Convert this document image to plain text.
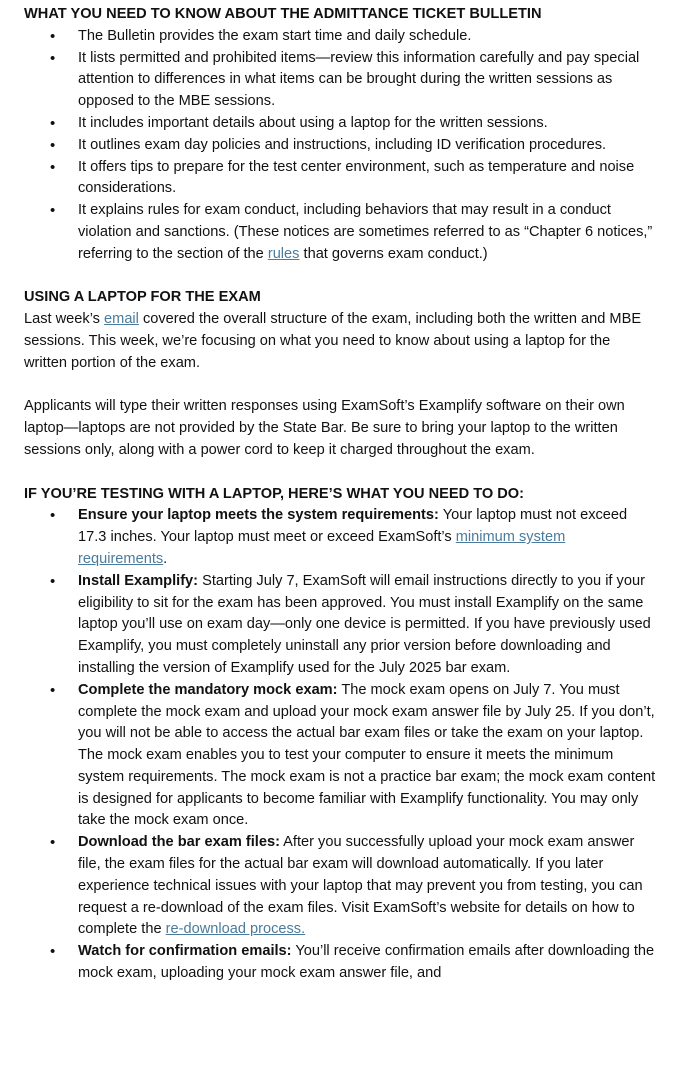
WHAT YOU NEED TO KNOW ABOUT THE ADMITTANCE TICKET BULLETIN
• The Bulletin provides the exam start time and daily schedule.
• It lists permitted and prohibited items—review this information carefully and pay special attention to differences in what items can be brought during the written sessions as opposed to the MBE sessions.
• It includes important details about using a laptop for the written sessions.
• It outlines exam day policies and instructions, including ID verification procedures.
• It offers tips to prepare for the test center environment, such as temperature and noise considerations.
• It explains rules for exam conduct, including behaviors that may result in a conduct violation and sanctions. (These notices are sometimes referred to as “Chapter 6 notices,” referring to the section of the rules that governs exam conduct.)
USING A LAPTOP FOR THE EXAM

Last week’s email covered the overall structure of the exam, including both the written and MBE sessions. This week, we’re focusing on what you need to know about using a laptop for the written portion of the exam.

Applicants will type their written responses using ExamSoft’s Examplify software on their own laptop—laptops are not provided by the State Bar. Be sure to bring your laptop to the written sessions only, along with a power cord to keep it charged throughout the exam.

IF YOU’RE TESTING WITH A LAPTOP, HERE’S WHAT YOU NEED TO DO:
• Ensure your laptop meets the system requirements: Your laptop must not exceed 17.3 inches. Your laptop must meet or exceed ExamSoft’s minimum system requirements.
• Install Examplify: Starting July 7, ExamSoft will email instructions directly to you if your eligibility to sit for the exam has been approved. You must install Examplify on the same laptop you’ll use on exam day—only one device is permitted. If you have previously used Examplify, you must completely uninstall any prior version before downloading and installing the version of Examplify used for the July 2025 bar exam.
• Complete the mandatory mock exam: The mock exam opens on July 7. You must complete the mock exam and upload your mock exam answer file by July 25. If you don’t, you will not be able to access the actual bar exam files or take the exam on your laptop. The mock exam enables you to test your computer to ensure it meets the minimum system requirements. The mock exam is not a practice bar exam; the mock exam content is designed for applicants to become familiar with Examplify functionality. You may only take the mock exam once.
• Download the bar exam files: After you successfully upload your mock exam answer file, the exam files for the actual bar exam will download automatically. If you later experience technical issues with your laptop that may prevent you from testing, you can request a re-download of the exam files. Visit ExamSoft’s website for details on how to complete the re-download process.
• Watch for confirmation emails: You’ll receive confirmation emails after downloading the mock exam, uploading your mock exam answer file, and
